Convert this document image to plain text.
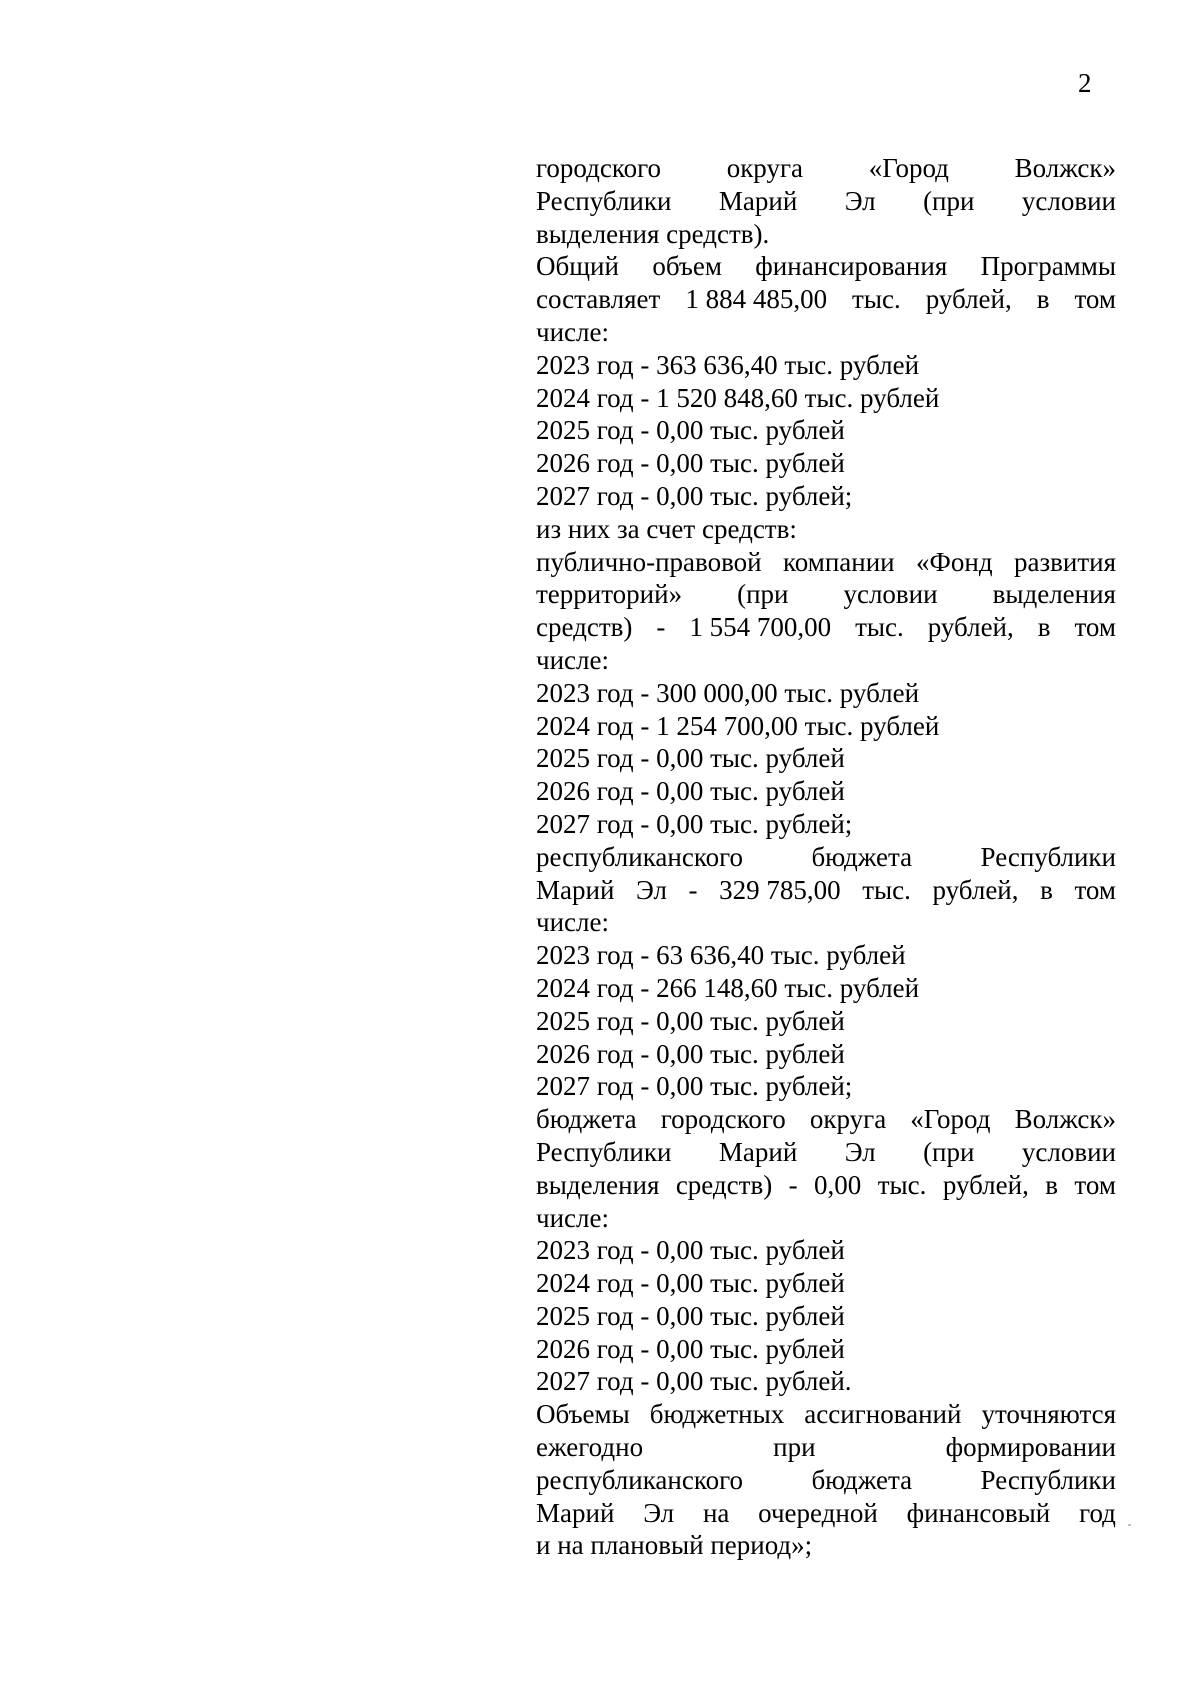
2
городского округа «Город Волжск»
Республики Марий Эл (при условии
выделения средств).
Общий объем финансирования Программы
составляет 1 884 485,00 тыс. рублей, в том
числе:
2023 год - 363 636,40 тыс. рублей
2024 год - 1 520 848,60 тыс. рублей
2025 год - 0,00 тыс. рублей
2026 год - 0,00 тыс. рублей
2027 год - 0,00 тыс. рублей;
из них за счет средств:
публично-правовой компании «Фонд развития
территорий» (при условии выделения
средств) - 1 554 700,00 тыс. рублей, в том
числе:
2023 год - 300 000,00 тыс. рублей
2024 год - 1 254 700,00 тыс. рублей
2025 год - 0,00 тыс. рублей
2026 год - 0,00 тыс. рублей
2027 год - 0,00 тыс. рублей;
республиканского	бюджета	Республики
Марий Эл - 329 785,00 тыс. рублей, в том
числе:
2023 год - 63 636,40 тыс. рублей
2024 год - 266 148,60 тыс. рублей
2025 год - 0,00 тыс. рублей
2026 год - 0,00 тыс. рублей
2027 год - 0,00 тыс. рублей;
бюджета городского округа «Город Волжск»
Республики Марий Эл (при условии
выделения средств) - 0,00 тыс. рублей, в том
числе:
2023 год - 0,00 тыс. рублей
2024 год - 0,00 тыс. рублей
2025 год - 0,00 тыс. рублей
2026 год - 0,00 тыс. рублей
2027 год - 0,00 тыс. рублей.
Объемы бюджетных ассигнований уточняются
ежегодно	при	формировании
республиканского	бюджета	Республики
Марий Эл на очередной финансовый год
и на плановый период»;
